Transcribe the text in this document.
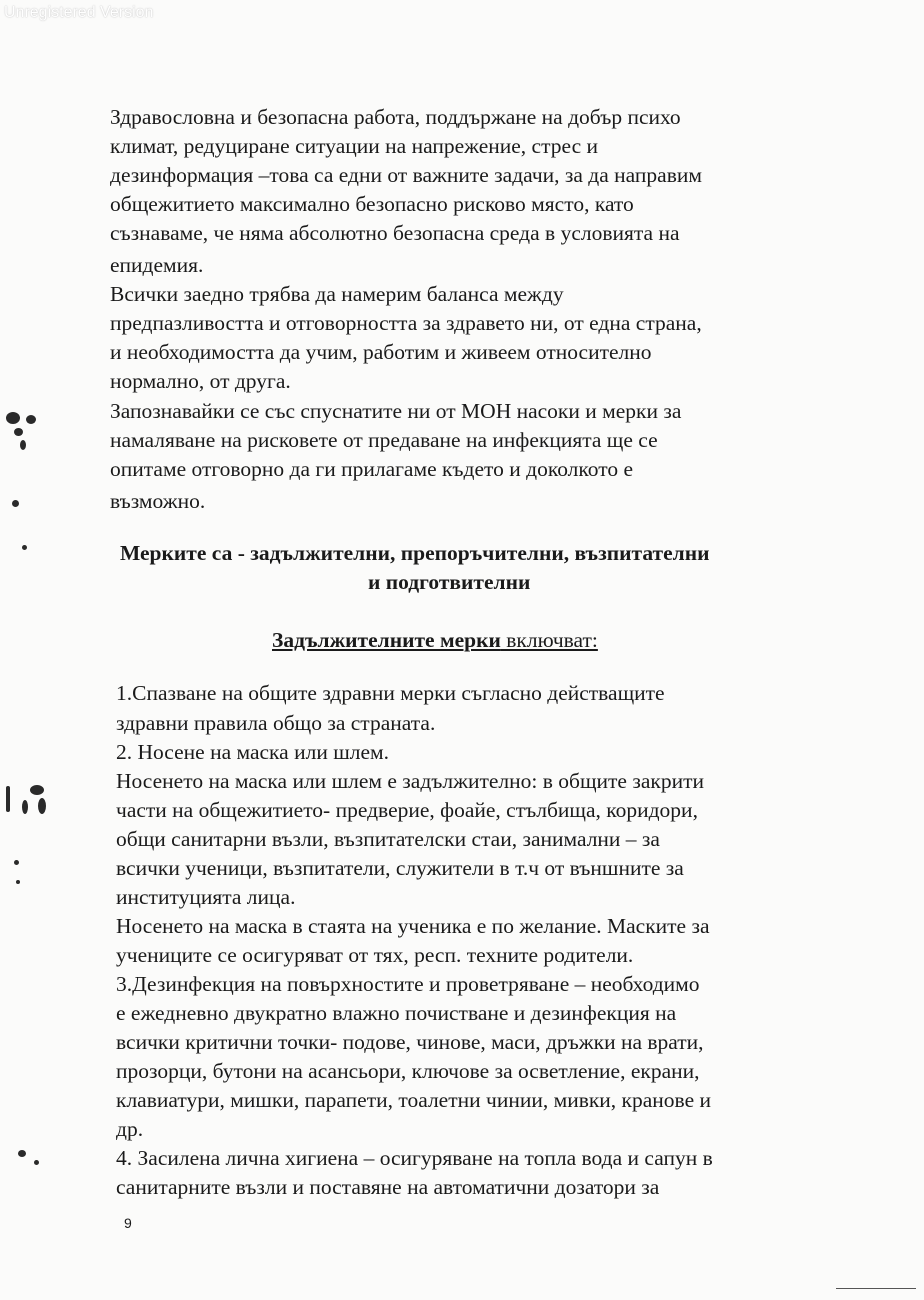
Unregistered Version
Здравословна и безопасна работа, поддържане на добър психо
климат, редуциране ситуации на напрежение, стрес и
дезинформация –това са едни от важните задачи, за да направим
общежитието максимално безопасно рисково място, като
съзнаваме, че няма абсолютно безопасна среда в условията на
епидемия.
Всички заедно трябва да намерим баланса между
предпазливостта и отговорността за здравето ни, от една страна,
и необходимостта да учим, работим и живеем относително
нормално, от друга.
Запознавайки се със спуснатите ни от МОН насоки и мерки за
намаляване на рисковете от предаване на инфекцията ще се
опитаме отговорно да ги прилагаме където и доколкото е
възможно.
Мерките са - задължителни, препоръчителни, възпитателни
и подготвителни
Задължителните мерки включват:
1.Спазване на общите здравни мерки съгласно действащите
здравни правила общо за страната.
2. Носене на маска или шлем.
Носенето на маска или шлем е задължително: в общите закрити
части на общежитието- предверие, фоайе, стълбища, коридори,
общи санитарни възли, възпитателски стаи, занимални – за
всички ученици, възпитатели, служители в т.ч от външните за
институцията лица.
Носенето на маска в стаята на ученика е по желание. Маските за
учениците се осигуряват от тях, респ. техните родители.
3.Дезинфекция на повърхностите и проветряване – необходимо
е ежедневно двукратно влажно почистване и дезинфекция на
всички критични точки- подове, чинове, маси, дръжки на врати,
прозорци, бутони на асансьори, ключове за осветление, екрани,
клавиатури, мишки, парапети, тоалетни чинии, мивки, кранове и
др.
4. Засилена лична хигиена – осигуряване на топла вода и сапун в
санитарните възли и поставяне на автоматични дозатори за
9
